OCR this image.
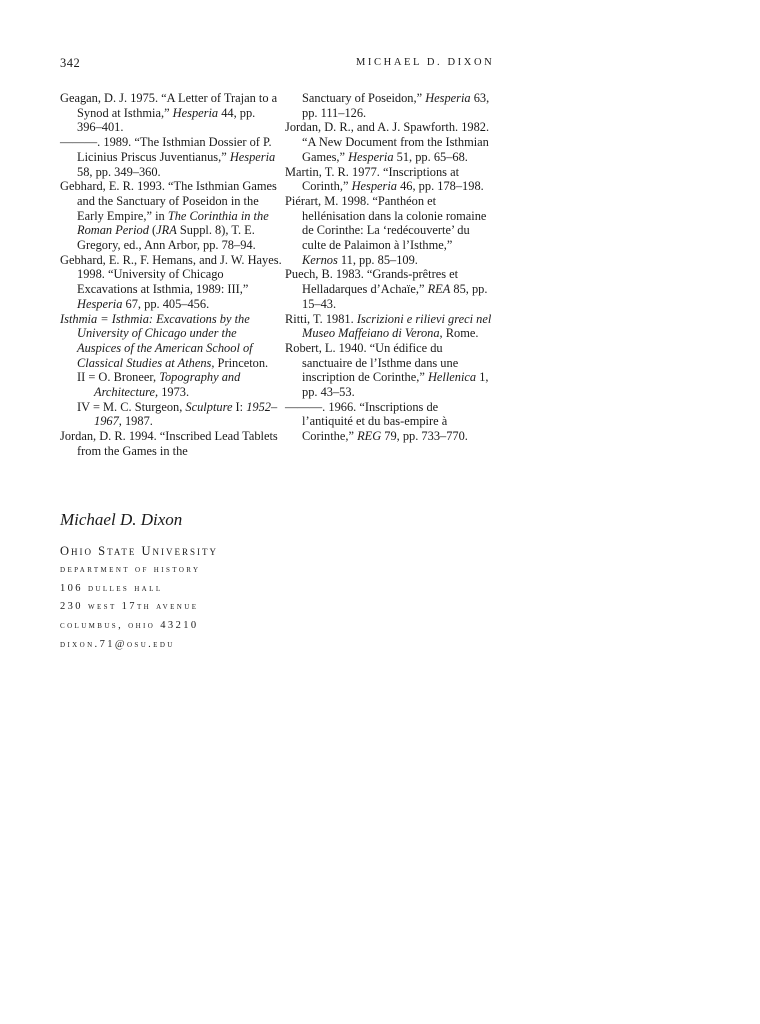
342	MICHAEL D. DIXON

Geagan, D. J. 1975. “A Letter of Trajan to a Synod at Isthmia,” Hesperia 44, pp. 396–401.

———. 1989. “The Isthmian Dossier of P. Licinius Priscus Juventianus,” Hesperia 58, pp. 349–360.

Gebhard, E. R. 1993. “The Isthmian Games and the Sanctuary of Poseidon in the Early Empire,” in The Corinthia in the Roman Period (JRA Suppl. 8), T. E. Gregory, ed., Ann Arbor, pp. 78–94.

Gebhard, E. R., F. Hemans, and J. W. Hayes. 1998. “University of Chicago Excavations at Isthmia, 1989: III,” Hesperia 67, pp. 405–456.

Isthmia = Isthmia: Excavations by the University of Chicago under the Auspices of the American School of Classical Studies at Athens, Princeton.

II = O. Broneer, Topography and Architecture, 1973.

IV = M. C. Sturgeon, Sculpture I: 1952–1967, 1987.

Jordan, D. R. 1994. “Inscribed Lead Tablets from the Games in the

Sanctuary of Poseidon,” Hesperia 63, pp. 111–126.

Jordan, D. R., and A. J. Spawforth. 1982. “A New Document from the Isthmian Games,” Hesperia 51, pp. 65–68.

Martin, T. R. 1977. “Inscriptions at Corinth,” Hesperia 46, pp. 178–198.

Piérart, M. 1998. “Panthéon et hellénisation dans la colonie romaine de Corinthe: La ‘redécouverte’ du culte de Palaimon à l’Isthme,” Kernos 11, pp. 85–109.

Puech, B. 1983. “Grands-prêtres et Helladarques d’Achaïe,” REA 85, pp. 15–43.

Ritti, T. 1981. Iscrizioni e rilievi greci nel

Museo Maffeiano di Verona, Rome.

Robert, L. 1940. “Un édifice du sanctuaire de l’Isthme dans une inscription de Corinthe,” Hellenica 1, pp. 43–53.

———. 1966. “Inscriptions de l’antiquité et du bas-empire à Corinthe,” REG 79, pp. 733–770.

Michael D. Dixon
Ohio State University
department of history
106 dulles hall
230 west 17th avenue
columbus, ohio 43210
dixon.71@osu.edu
